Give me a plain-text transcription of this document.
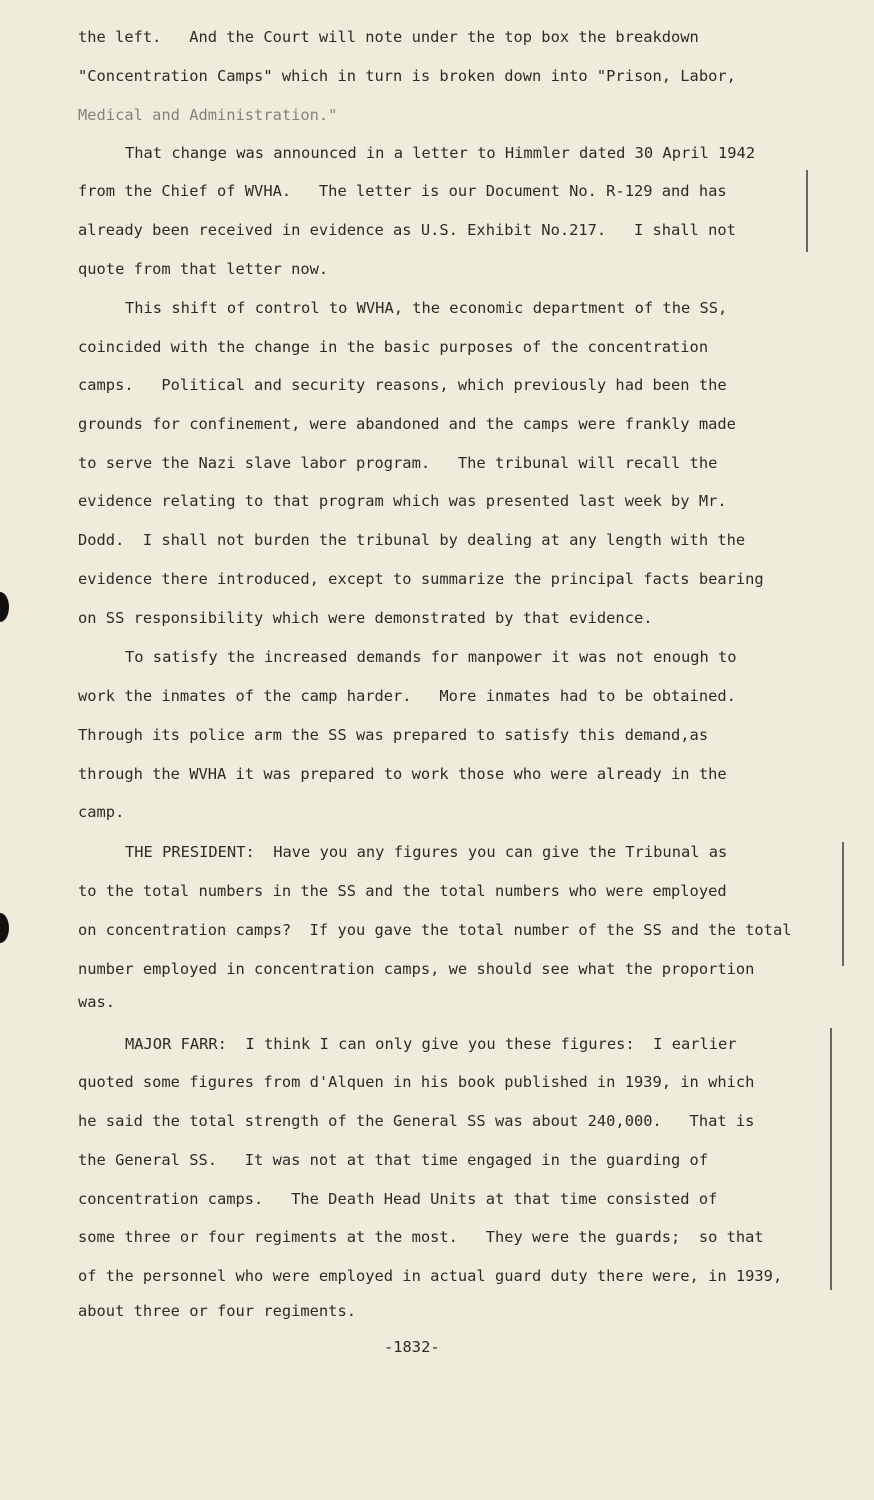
the left.   And the Court will note under the top box the breakdown
"Concentration Camps" which in turn is broken down into "Prison, Labor,
Medical and Administration."
That change was announced in a letter to Himmler dated 30 April 1942
from the Chief of WVHA.   The letter is our Document No. R-129 and has
already been received in evidence as U.S. Exhibit No.217.   I shall not
quote from that letter now.
This shift of control to WVHA, the economic department of the SS,
coincided with the change in the basic purposes of the concentration
camps.   Political and security reasons, which previously had been the
grounds for confinement, were abandoned and the camps were frankly made
to serve the Nazi slave labor program.   The tribunal will recall the
evidence relating to that program which was presented last week by Mr.
Dodd.  I shall not burden the tribunal by dealing at any length with the
evidence there introduced, except to summarize the principal facts bearing
on SS responsibility which were demonstrated by that evidence.
To satisfy the increased demands for manpower it was not enough to
work the inmates of the camp harder.   More inmates had to be obtained.
Through its police arm the SS was prepared to satisfy this demand,as
through the WVHA it was prepared to work those who were already in the
camp.
THE PRESIDENT:  Have you any figures you can give the Tribunal as
to the total numbers in the SS and the total numbers who were employed
on concentration camps?  If you gave the total number of the SS and the total
number employed in concentration camps, we should see what the proportion
was.
MAJOR FARR:  I think I can only give you these figures:  I earlier
quoted some figures from d'Alquen in his book published in 1939, in which
he said the total strength of the General SS was about 240,000.   That is
the General SS.   It was not at that time engaged in the guarding of
concentration camps.   The Death Head Units at that time consisted of
some three or four regiments at the most.   They were the guards;  so that
of the personnel who were employed in actual guard duty there were, in 1939,
about three or four regiments.
-1832-
